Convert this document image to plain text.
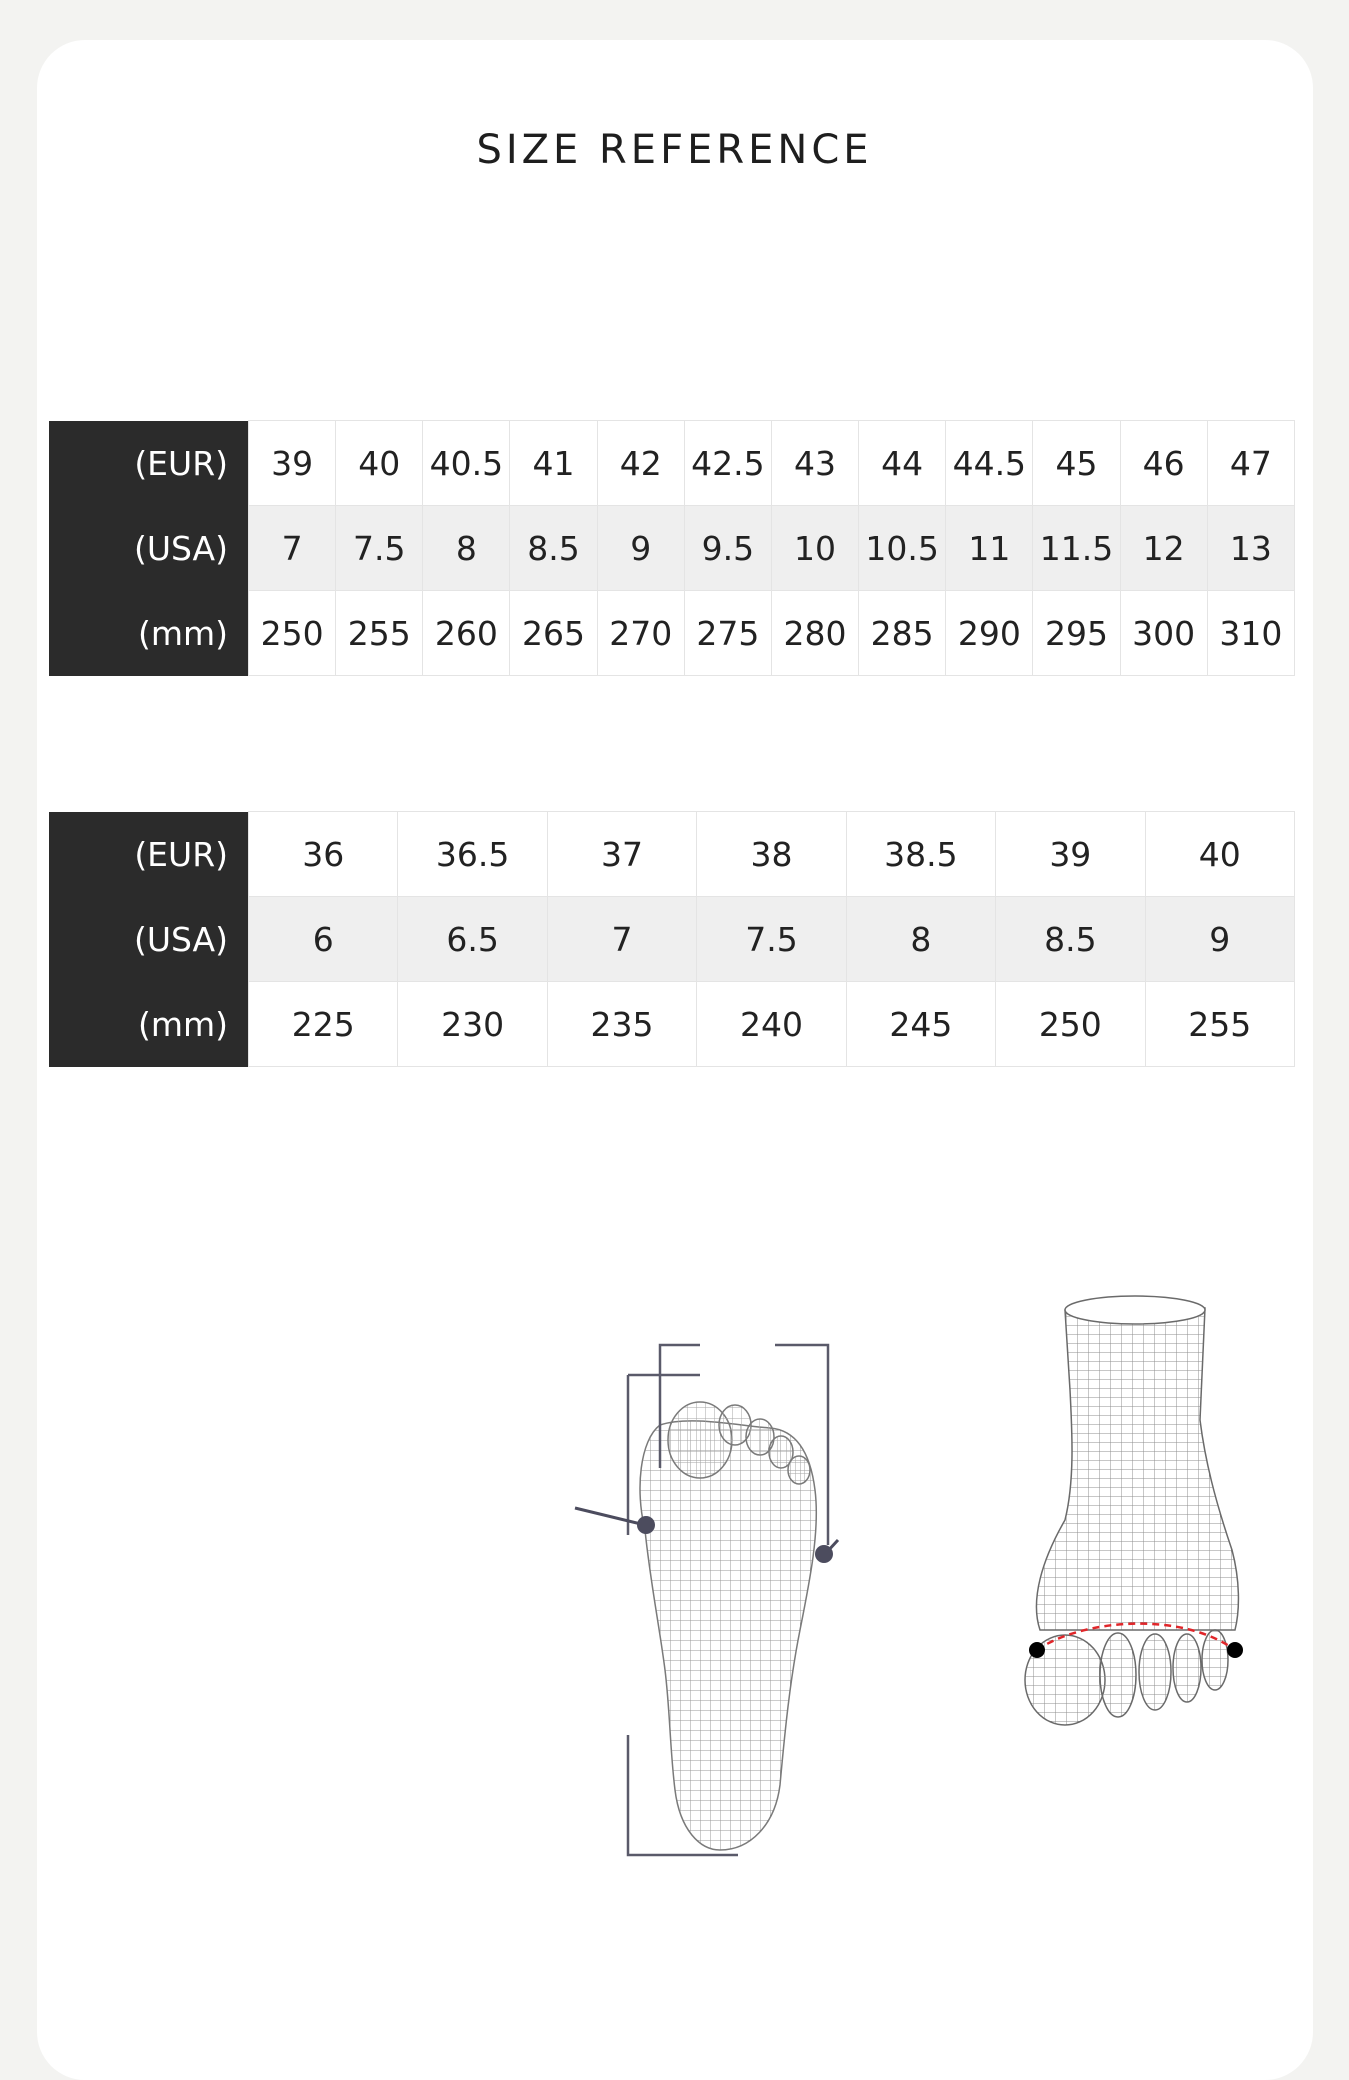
SIZE REFERENCE
(EUR)	39	40	40.5	41	42	42.5	43	44	44.5	45	46	47
(USA)	7	7.5	8	8.5	9	9.5	10	10.5	11	11.5	12	13
(mm)	250	255	260	265	270	275	280	285	290	295	300	310
(EUR)	36	36.5	37	38	38.5	39	40
(USA)	6	6.5	7	7.5	8	8.5	9
(mm)	225	230	235	240	245	250	255
